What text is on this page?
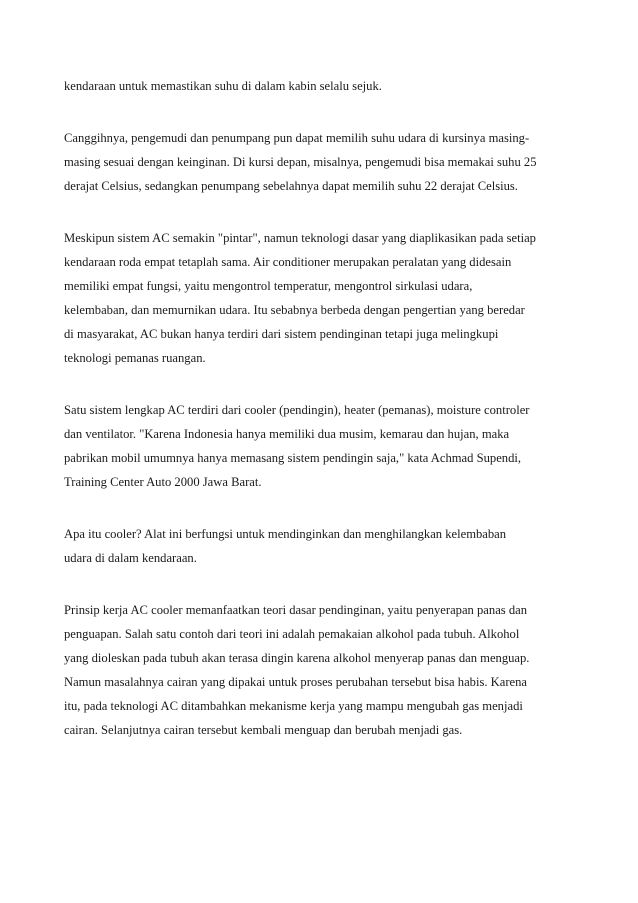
kendaraan untuk memastikan suhu di dalam kabin selalu sejuk.
Canggihnya, pengemudi dan penumpang pun dapat memilih suhu udara di kursinya masing-
masing sesuai dengan keinginan. Di kursi depan, misalnya, pengemudi bisa memakai suhu 25
derajat Celsius, sedangkan penumpang sebelahnya dapat memilih suhu 22 derajat Celsius.
Meskipun sistem AC semakin "pintar", namun teknologi dasar yang diaplikasikan pada setiap
kendaraan roda empat tetaplah sama. Air conditioner merupakan peralatan yang didesain
memiliki empat fungsi, yaitu mengontrol temperatur, mengontrol sirkulasi udara,
kelembaban, dan memurnikan udara. Itu sebabnya berbeda dengan pengertian yang beredar
di masyarakat, AC bukan hanya terdiri dari sistem pendinginan tetapi juga melingkupi
teknologi pemanas ruangan.
Satu sistem lengkap AC terdiri dari cooler (pendingin), heater (pemanas), moisture controler
dan ventilator. "Karena Indonesia hanya memiliki dua musim, kemarau dan hujan, maka
pabrikan mobil umumnya hanya memasang sistem pendingin saja," kata Achmad Supendi,
Training Center Auto 2000 Jawa Barat.
Apa itu cooler? Alat ini berfungsi untuk mendinginkan dan menghilangkan kelembaban
udara di dalam kendaraan.
Prinsip kerja AC cooler memanfaatkan teori dasar pendinginan, yaitu penyerapan panas dan
penguapan. Salah satu contoh dari teori ini adalah pemakaian alkohol pada tubuh. Alkohol
yang dioleskan pada tubuh akan terasa dingin karena alkohol menyerap panas dan menguap.
Namun masalahnya cairan yang dipakai untuk proses perubahan tersebut bisa habis. Karena
itu, pada teknologi AC ditambahkan mekanisme kerja yang mampu mengubah gas menjadi
cairan. Selanjutnya cairan tersebut kembali menguap dan berubah menjadi gas.
